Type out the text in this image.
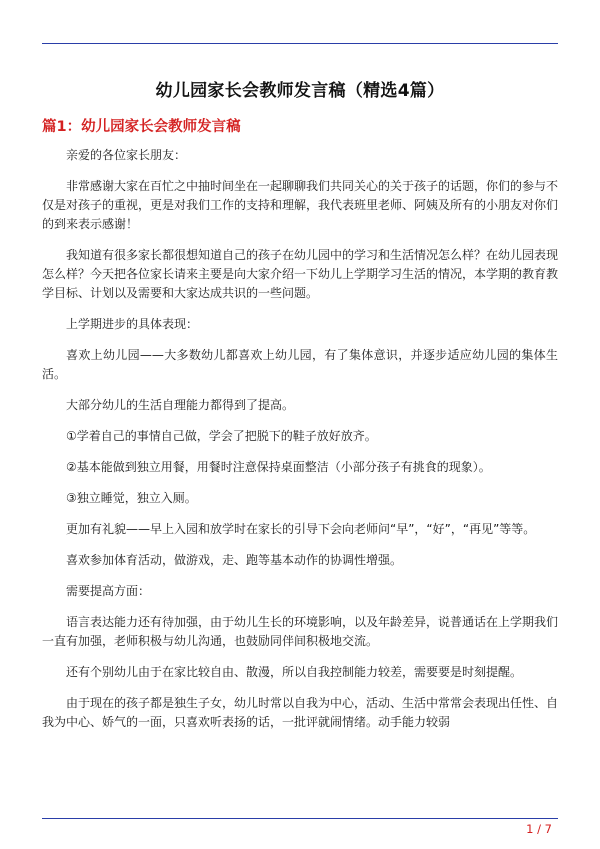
幼儿园家长会教师发言稿（精选4篇）
篇1：幼儿园家长会教师发言稿

亲爱的各位家长朋友：

非常感谢大家在百忙之中抽时间坐在一起聊聊我们共同关心的关于孩子的话题，你们的参与不仅是对孩子的重视，更是对我们工作的支持和理解，我代表班里老师、阿姨及所有的小朋友对你们的到来表示感谢！

我知道有很多家长都很想知道自己的孩子在幼儿园中的学习和生活情况怎么样？在幼儿园表现怎么样？今天把各位家长请来主要是向大家介绍一下幼儿上学期学习生活的情况，本学期的教育教学目标、计划以及需要和大家达成共识的一些问题。

上学期进步的具体表现：

喜欢上幼儿园——大多数幼儿都喜欢上幼儿园，有了集体意识，并逐步适应幼儿园的集体生活。

大部分幼儿的生活自理能力都得到了提高。

①学着自己的事情自己做，学会了把脱下的鞋子放好放齐。

②基本能做到独立用餐，用餐时注意保持桌面整洁（小部分孩子有挑食的现象）。

③独立睡觉，独立入厕。

更加有礼貌——早上入园和放学时在家长的引导下会向老师问“早”，“好”，“再见”等等。

喜欢参加体育活动，做游戏，走、跑等基本动作的协调性增强。

需要提高方面：

语言表达能力还有待加强，由于幼儿生长的环境影响，以及年龄差异，说普通话在上学期我们一直有加强，老师积极与幼儿沟通，也鼓励同伴间积极地交流。

还有个别幼儿由于在家比较自由、散漫，所以自我控制能力较差，需要要是时刻提醒。

由于现在的孩子都是独生子女，幼儿时常以自我为中心，活动、生活中常常会表现出任性、自我为中心、娇气的一面，只喜欢听表扬的话，一批评就闹情绪。动手能力较弱

1 / 7
